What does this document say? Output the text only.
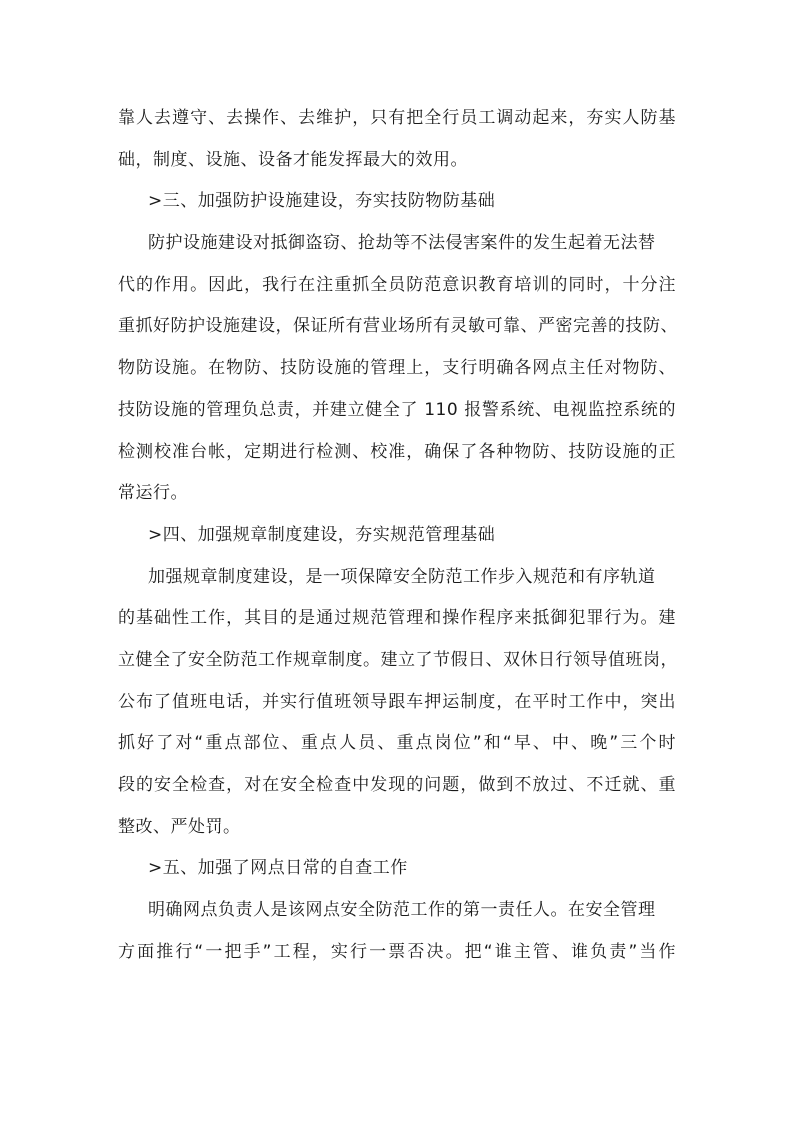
靠人去遵守、去操作、去维护，只有把全行员工调动起来，夯实人防基
础，制度、设施、设备才能发挥最大的效用。
>三、加强防护设施建设，夯实技防物防基础
防护设施建设对抵御盗窃、抢劫等不法侵害案件的发生起着无法替
代的作用。因此，我行在注重抓全员防范意识教育培训的同时，十分注
重抓好防护设施建设，保证所有营业场所有灵敏可靠、严密完善的技防、
物防设施。在物防、技防设施的管理上，支行明确各网点主任对物防、
技防设施的管理负总责，并建立健全了 110 报警系统、电视监控系统的
检测校准台帐，定期进行检测、校准，确保了各种物防、技防设施的正
常运行。
>四、加强规章制度建设，夯实规范管理基础
加强规章制度建设，是一项保障安全防范工作步入规范和有序轨道
的基础性工作，其目的是通过规范管理和操作程序来抵御犯罪行为。建
立健全了安全防范工作规章制度。建立了节假日、双休日行领导值班岗，
公布了值班电话，并实行值班领导跟车押运制度，在平时工作中，突出
抓好了对“重点部位、重点人员、重点岗位”和“早、中、晚”三个时
段的安全检查，对在安全检查中发现的问题，做到不放过、不迁就、重
整改、严处罚。
>五、加强了网点日常的自查工作
明确网点负责人是该网点安全防范工作的第一责任人。在安全管理
方面推行“一把手”工程，实行一票否决。把“谁主管、谁负责”当作
